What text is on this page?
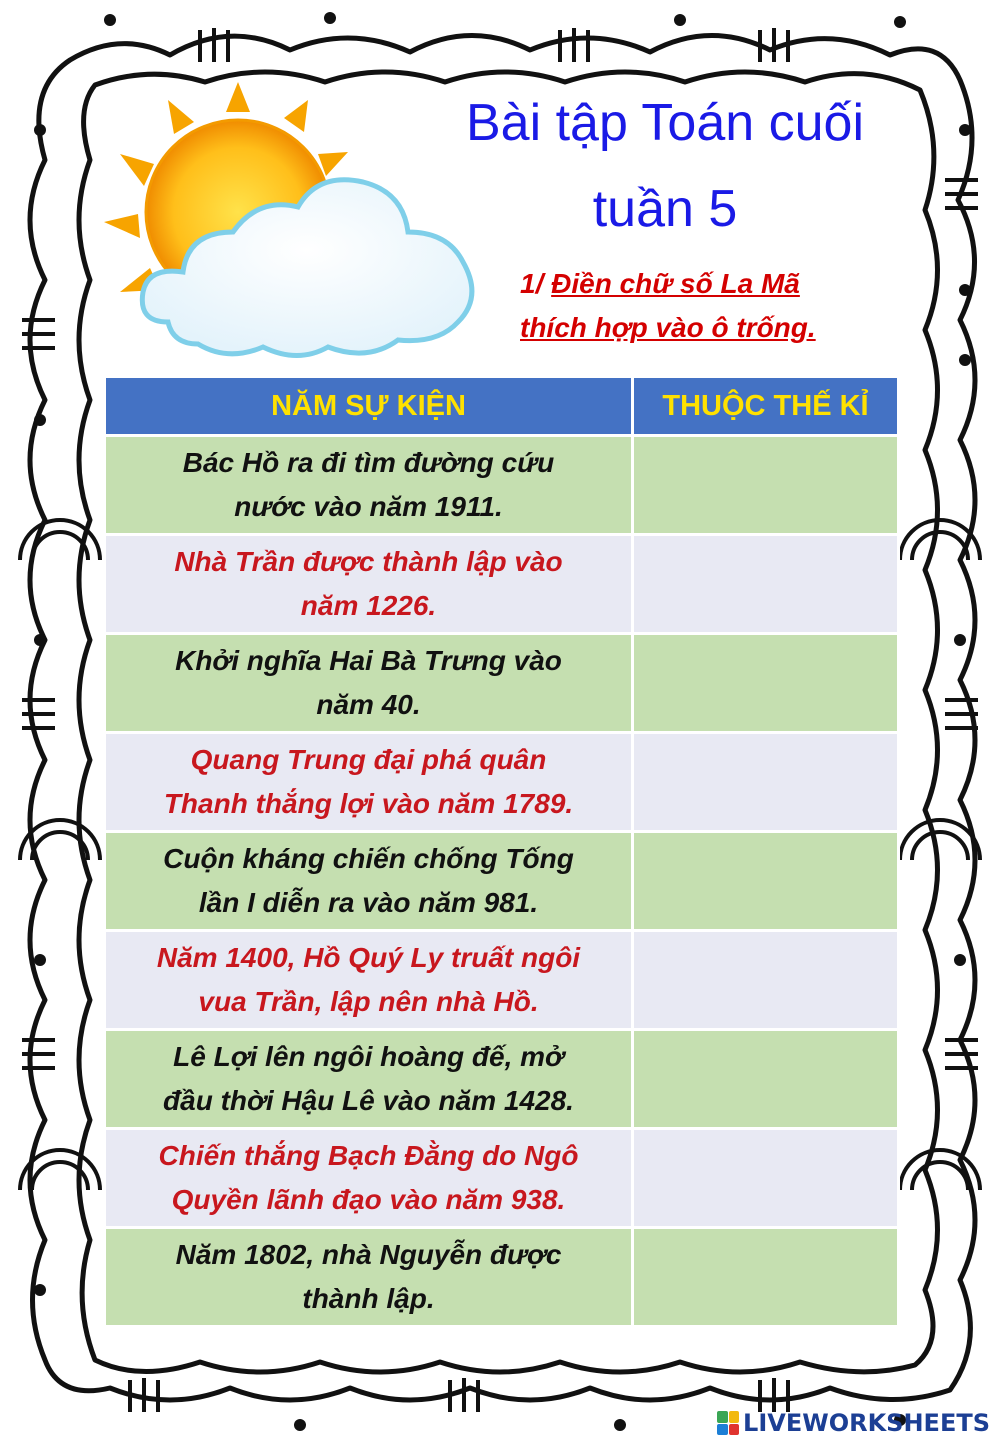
Bài tập Toán cuối
tuần 5
1/ Điền chữ số La Mã
thích hợp vào ô trống.
NĂM SỰ KIỆN	THUỘC THẾ KỈ

Bác Hồ ra đi tìm đường cứu
nước vào năm 1911.	

Nhà Trần được thành lập vào
năm 1226.	

Khởi nghĩa Hai Bà Trưng vào
năm 40.	

Quang Trung đại phá quân
Thanh thắng lợi vào năm 1789.	

Cuộn kháng chiến chống Tống
lần I diễn ra vào năm 981.	

Năm 1400, Hồ Quý Ly truất ngôi
vua Trần, lập nên nhà Hồ.	

Lê Lợi lên ngôi hoàng đế, mở
đầu thời Hậu Lê vào năm 1428.	

Chiến thắng Bạch Đằng do Ngô
Quyền lãnh đạo vào năm 938.	

Năm 1802, nhà Nguyễn được
thành lập.	

LIVEWORKSHEETS
